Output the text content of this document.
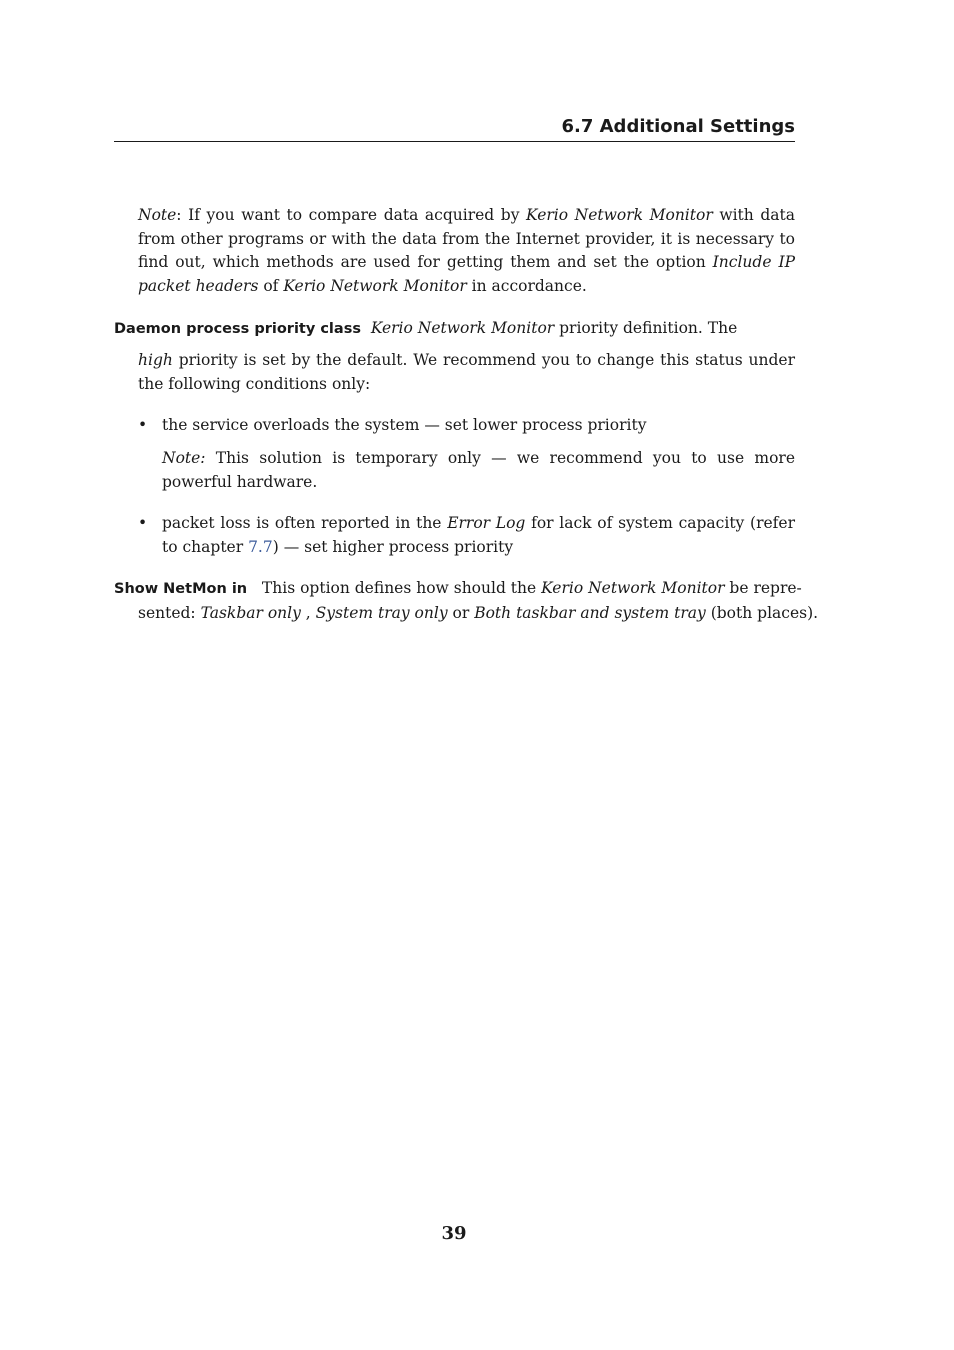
6.7 Additional Settings
Note: If you want to compare data acquired by Kerio Network Monitor with data from other programs or with the data from the Internet provider, it is necessary to find out, which methods are used for getting them and set the option Include IP packet headers of Kerio Network Monitor in accordance.
Daemon process priority class Kerio Network Monitor priority definition. The
high priority is set by the default. We recommend you to change this status under the following conditions only:
• the service overloads the system — set lower process priority
Note: This solution is temporary only — we recommend you to use more powerful hardware.
• packet loss is often reported in the Error Log for lack of system capacity (refer to chapter 7.7) — set higher process priority
Show NetMon in This option defines how should the Kerio Network Monitor be repre-
sented: Taskbar only , System tray only or Both taskbar and system tray (both places).
39
